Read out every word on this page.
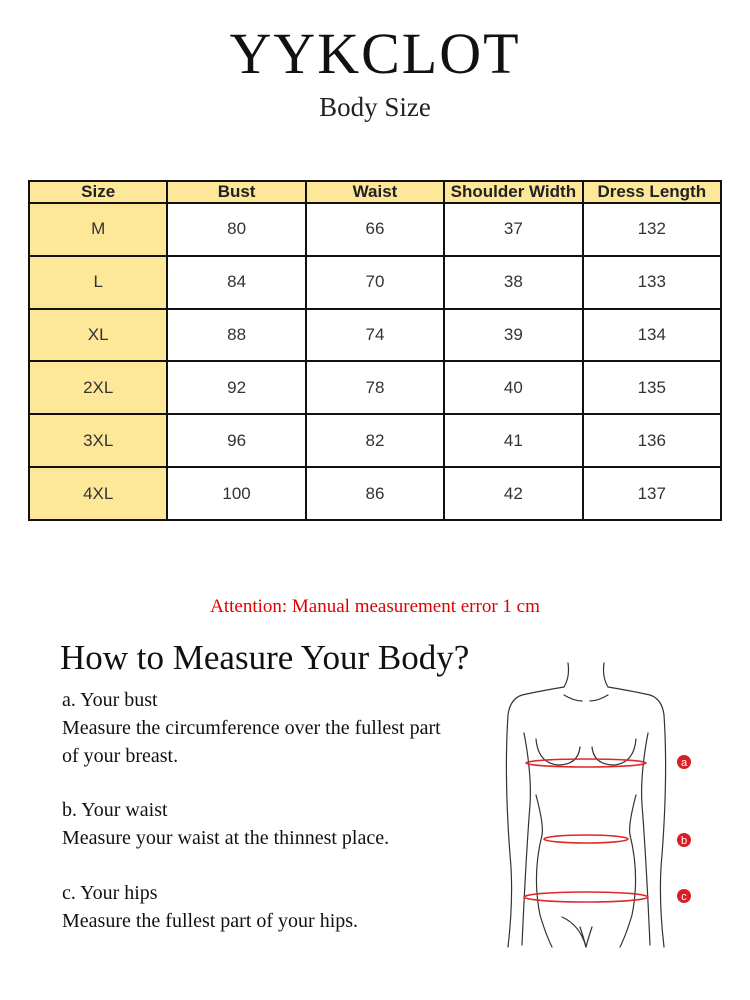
YYKCLOT
Body Size
Size	Bust	Waist	Shoulder Width	Dress Length
M	80	66	37	132
L	84	70	38	133
XL	88	74	39	134
2XL	92	78	40	135
3XL	96	82	41	136
4XL	100	86	42	137
Attention: Manual measurement error 1 cm
How to Measure Your Body?
a. Your bust
Measure the circumference over the fullest part
of your breast.
b. Your waist
Measure your waist at the thinnest place.
c. Your hips
Measure the fullest part of your hips.
a
b
c
